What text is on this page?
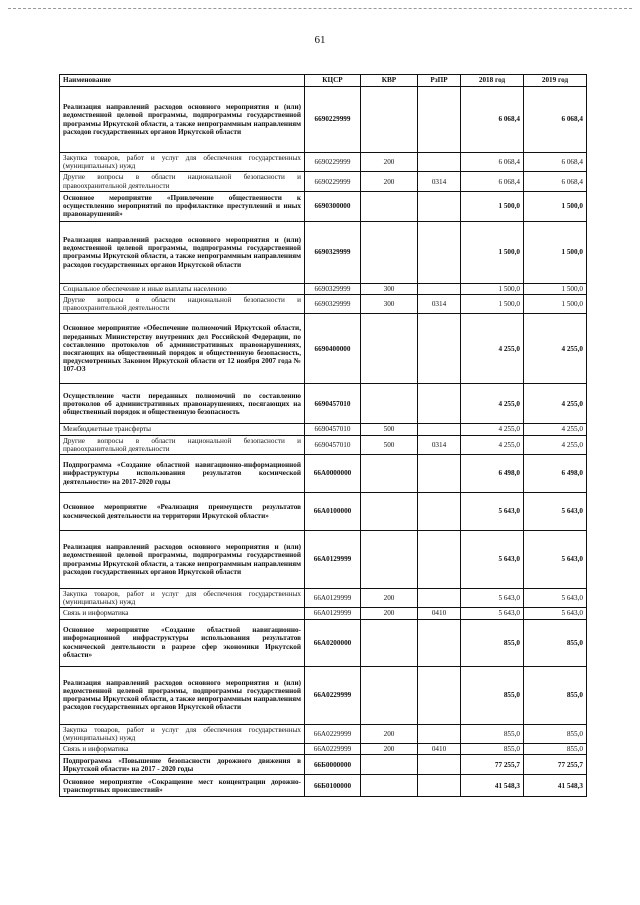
61
Наименование	КЦСР	КВР	РзПР	2018 год	2019 год
Реализация направлений расходов основного мероприятия и (или) ведомственной целевой программы, подпрограммы государственной программы Иркутской области, а также непрограммным направлениям расходов государственных органов Иркутской области	6690229999			6 068,4	6 068,4
Закупка товаров, работ и услуг для обеспечения государственных (муниципальных) нужд	6690229999	200		6 068,4	6 068,4
Другие вопросы в области национальной безопасности и правоохранительной деятельности	6690229999	200	0314	6 068,4	6 068,4
Основное мероприятие «Привлечение общественности к осуществлению мероприятий по профилактике преступлений и иных правонарушений»	6690300000			1 500,0	1 500,0
Реализация направлений расходов основного мероприятия и (или) ведомственной целевой программы, подпрограммы государственной программы Иркутской области, а также непрограммным направлениям расходов государственных органов Иркутской области	6690329999			1 500,0	1 500,0
Социальное обеспечение и иные выплаты населению	6690329999	300		1 500,0	1 500,0
Другие вопросы в области национальной безопасности и правоохранительной деятельности	6690329999	300	0314	1 500,0	1 500,0
Основное мероприятие «Обеспечение полномочий Иркутской области, переданных Министерству внутренних дел Российской Федерации, по составлению протоколов об административных правонарушениях, посягающих на общественный порядок и общественную безопасность, предусмотренных Законом Иркутской области от 12 ноября 2007 года № 107-ОЗ	6690400000			4 255,0	4 255,0
Осуществление части переданных полномочий по составлению протоколов об административных правонарушениях, посягающих на общественный порядок и общественную безопасность	6690457010			4 255,0	4 255,0
Межбюджетные трансферты	6690457010	500		4 255,0	4 255,0
Другие вопросы в области национальной безопасности и правоохранительной деятельности	6690457010	500	0314	4 255,0	4 255,0
Подпрограмма «Создание областной навигационно-информационной инфраструктуры использования результатов космической деятельности» на 2017-2020 годы	66А0000000			6 498,0	6 498,0
Основное мероприятие «Реализация преимуществ результатов космической деятельности на территории Иркутской области»	66А0100000			5 643,0	5 643,0
Реализация направлений расходов основного мероприятия и (или) ведомственной целевой программы, подпрограммы государственной программы Иркутской области, а также непрограммным направлениям расходов государственных органов Иркутской области	66А0129999			5 643,0	5 643,0
Закупка товаров, работ и услуг для обеспечения государственных (муниципальных) нужд	66А0129999	200		5 643,0	5 643,0
Связь и информатика	66А0129999	200	0410	5 643,0	5 643,0
Основное мероприятие «Создание областной навигационно-информационной инфраструктуры использования результатов космической деятельности в разрезе сфер экономики Иркутской области»	66А0200000			855,0	855,0
Реализация направлений расходов основного мероприятия и (или) ведомственной целевой программы, подпрограммы государственной программы Иркутской области, а также непрограммным направлениям расходов государственных органов Иркутской области	66А0229999			855,0	855,0
Закупка товаров, работ и услуг для обеспечения государственных (муниципальных) нужд	66А0229999	200		855,0	855,0
Связь и информатика	66А0229999	200	0410	855,0	855,0
Подпрограмма «Повышение безопасности дорожного движения в Иркутской области» на 2017 - 2020 годы	66Б0000000			77 255,7	77 255,7
Основное мероприятие «Сокращение мест концентрации дорожно-транспортных происшествий»	66Б0100000			41 548,3	41 548,3
